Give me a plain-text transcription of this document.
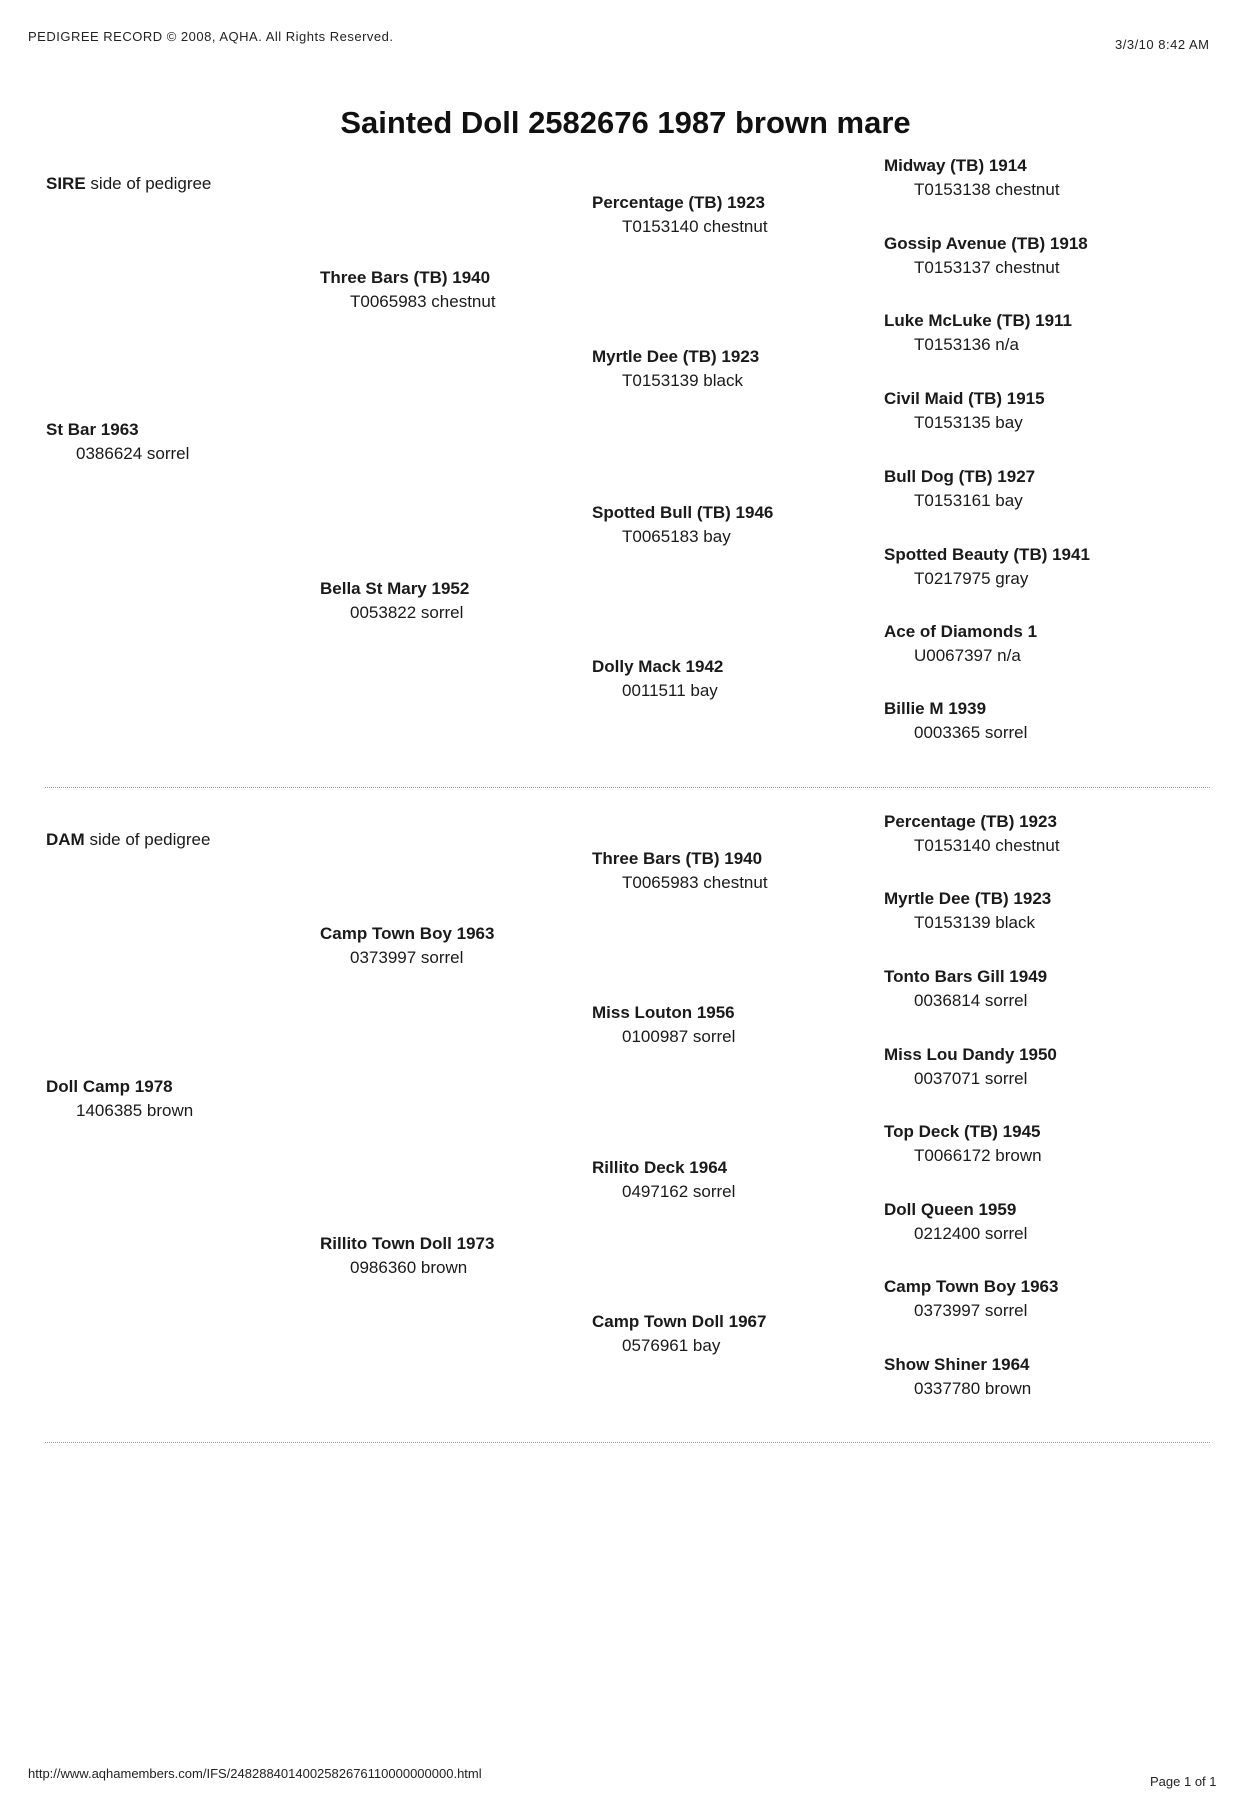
PEDIGREE RECORD © 2008, AQHA. All Rights Reserved.
3/3/10 8:42 AM
Sainted Doll 2582676 1987 brown mare
SIRE side of pedigree
St Bar 1963
0386624 sorrel
Three Bars (TB) 1940
T0065983 chestnut
Bella St Mary 1952
0053822 sorrel
Percentage (TB) 1923
T0153140 chestnut
Myrtle Dee (TB) 1923
T0153139 black
Spotted Bull (TB) 1946
T0065183 bay
Dolly Mack 1942
0011511 bay
Midway (TB) 1914
T0153138 chestnut
Gossip Avenue (TB) 1918
T0153137 chestnut
Luke McLuke (TB) 1911
T0153136 n/a
Civil Maid (TB) 1915
T0153135 bay
Bull Dog (TB) 1927
T0153161 bay
Spotted Beauty (TB) 1941
T0217975 gray
Ace of Diamonds 1
U0067397 n/a
Billie M 1939
0003365 sorrel
DAM side of pedigree
Doll Camp 1978
1406385 brown
Camp Town Boy 1963
0373997 sorrel
Rillito Town Doll 1973
0986360 brown
Three Bars (TB) 1940
T0065983 chestnut
Miss Louton 1956
0100987 sorrel
Rillito Deck 1964
0497162 sorrel
Camp Town Doll 1967
0576961 bay
Percentage (TB) 1923
T0153140 chestnut
Myrtle Dee (TB) 1923
T0153139 black
Tonto Bars Gill 1949
0036814 sorrel
Miss Lou Dandy 1950
0037071 sorrel
Top Deck (TB) 1945
T0066172 brown
Doll Queen 1959
0212400 sorrel
Camp Town Boy 1963
0373997 sorrel
Show Shiner 1964
0337780 brown
http://www.aqhamembers.com/IFS/2482884014002582676110000000000.html
Page 1 of 1
